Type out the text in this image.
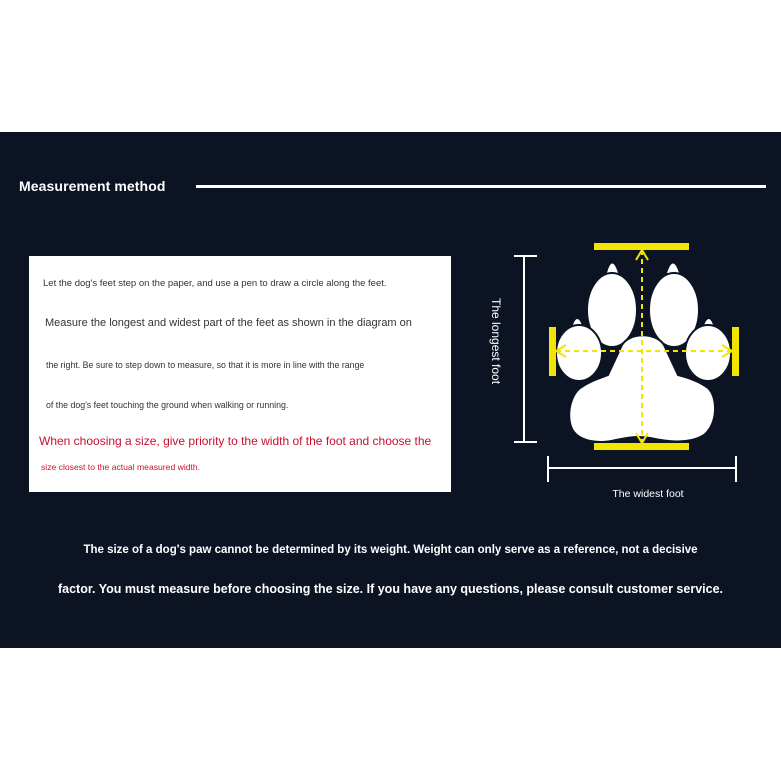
Measurement method
Let the dog's feet step on the paper, and use a pen to draw a circle along the feet.
Measure the longest and widest part of the feet as shown in the diagram on
the right. Be sure to step down to measure, so that it is more in line with the range
of the dog's feet touching the ground when walking or running.
When choosing a size, give priority to the width of the foot and choose the
size closest to the actual measured width.
The longest foot
The widest foot
The size of a dog's paw cannot be determined by its weight. Weight can only serve as a reference, not a decisive
factor. You must measure before choosing the size. If you have any questions, please consult customer service.
